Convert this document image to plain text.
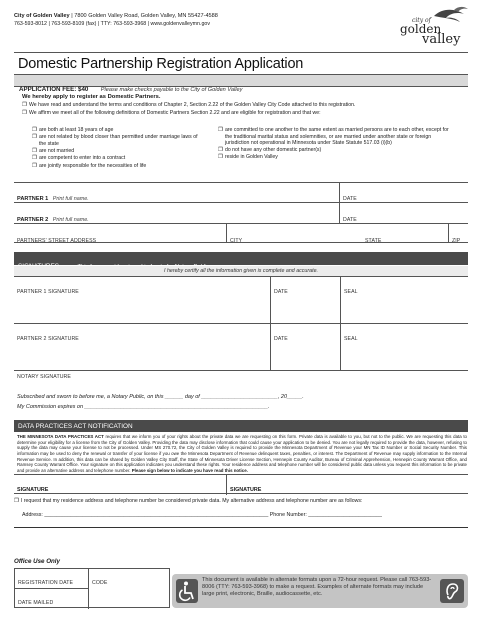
City of Golden Valley | 7800 Golden Valley Road, Golden Valley, MN 55427-4588
763-593-8012 | 763-593-8109 (fax) | TTY: 763-593-3968 | www.goldenvalleymn.gov	city of
golden
valley
Domestic Partnership Registration Application
APPLICATION FEE: $40 Please make checks payable to the City of Golden Valley
We hereby apply to register as Domestic Partners.
❐ We have read and understand the terms and conditions of Chapter 2, Section 2.22 of the Golden Valley City Code attached to this registration.
❐ We affirm we meet all of the following definitions of Domestic Partners Section 2.22 and are eligible for registration and that we:
❐ are both at least 18 years of age
❐ are not related by blood closer than permitted under marriage laws of the state
❐ are not married
❐ are competent to enter into a contract
❐ are jointly responsible for the necessities of life
❐ are committed to one another to the same extent as married persons are to each other, except for the traditional marital status and solemnities, or are married under another state or foreign jurisdiction not operational in Minnesota under State Statute 517.03 (i)(b)
❐ do not have any other domestic partner(s)
❐ reside in Golden Valley
PARTNER 1 Print full name.	DATE
PARTNER 2 Print full name.	DATE
PARTNERS' STREET ADDRESS	CITY	STATE	ZIP
I hereby certify all the information given is complete and accurate.
PARTNER 1 SIGNATURE	DATE	SEAL
PARTNER 2 SIGNATURE	DATE	SEAL
NOTARY SIGNATURE
Subscribed and sworn to before me, a Notary Public, on this ______ day of _________________________, 20_____.
My Commission expires on ____________________________________________________________.
DATA PRACTICES ACT NOTIFICATION
THE MINNESOTA DATA PRACTICES ACT requires that we inform you of your rights about the private data we are requesting on this form. Private data is available to you, but not to the public. We are requesting this data to determine your eligibility for a license from the City of Golden Valley. Providing the data may disclose information that could cause your application to be denied. You are not legally required to provide the data, however, refusing to supply the data may cause your license to not be processed. Under MS 270.72, the City of Golden Valley is required to provide the Minnesota Department of Revenue your MN Tax ID Number or Social Security Number. This information may be used to deny the renewal or transfer of your license if you owe the Minnesota Department of Revenue delinquent taxes, penalties, or interest. The Department of Revenue may supply information to the Internal Revenue Service. In addition, this data can be shared by Golden Valley City Staff, the State of Minnesota Driver License Section, Hennepin County Auditor, Bureau of Criminal Apprehension, Hennepin County Warrant Office, and Ramsey County Warrant Office. Your signature on this application indicates you understand these rights. Your residence address and telephone number will be considered public data unless you request this information to be private and provide an alternative address and telephone number. Please sign below to indicate you have read this notice.
SIGNATURE	SIGNATURE
❐ I request that my residence address and telephone number be considered private data. My alternative address and telephone number are as follows:
Address: ____________________________________________________________________________ Phone Number: _________________________
Office Use Only
REGISTRATION DATE	CODE
DATE MAILED
This document is available in alternate formats upon a 72-hour request. Please call 763-593-8006 (TTY: 763-593-3968) to make a request. Examples of alternate formats may include large print, electronic, Braille, audiocassette, etc.
